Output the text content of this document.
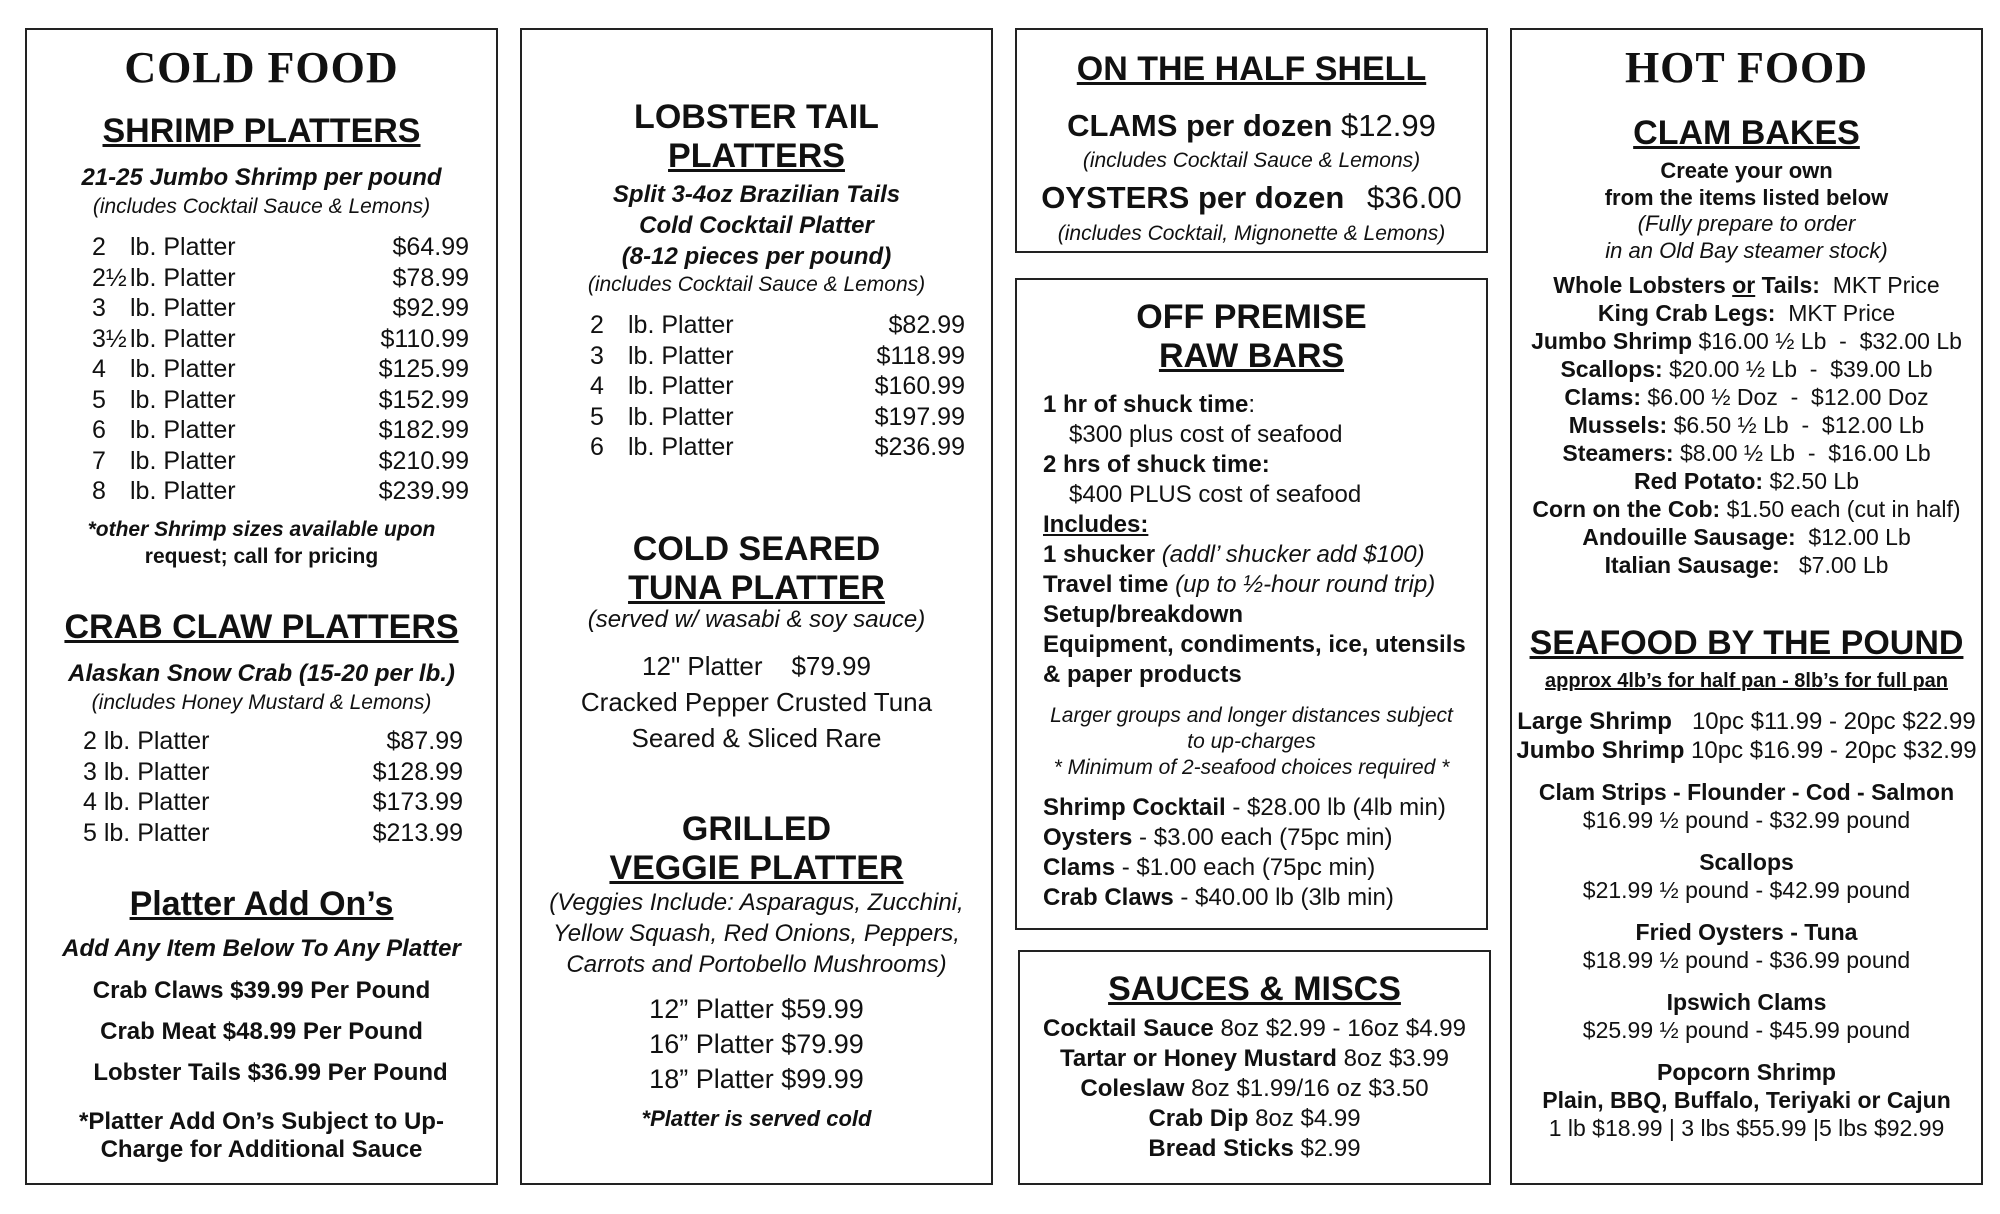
COLD FOOD
SHRIMP PLATTERS
21-25 Jumbo Shrimp per pound
(includes Cocktail Sauce & Lemons)
2 lb. Platter	$64.99
2½ lb. Platter	$78.99
3 lb. Platter	$92.99
3½ lb. Platter	$110.99
4 lb. Platter	$125.99
5 lb. Platter	$152.99
6 lb. Platter	$182.99
7 lb. Platter	$210.99
8 lb. Platter	$239.99
*other Shrimp sizes available upon
request; call for pricing
CRAB CLAW PLATTERS
Alaskan Snow Crab (15-20 per lb.)
(includes Honey Mustard & Lemons)
2 lb. Platter	$87.99
3 lb. Platter	$128.99
4 lb. Platter	$173.99
5 lb. Platter	$213.99
Platter Add On’s
Add Any Item Below To Any Platter
Crab Claws $39.99 Per Pound
Crab Meat $48.99 Per Pound
Lobster Tails $36.99 Per Pound
*Platter Add On’s Subject to Up-
Charge for Additional Sauce
LOBSTER TAIL
PLATTERS
Split 3-4oz Brazilian Tails
Cold Cocktail Platter
(8-12 pieces per pound)
(includes Cocktail Sauce & Lemons)
2 lb. Platter	$82.99
3 lb. Platter	$118.99
4 lb. Platter	$160.99
5 lb. Platter	$197.99
6 lb. Platter	$236.99
COLD SEARED
TUNA PLATTER
(served w/ wasabi & soy sauce)
12" Platter    $79.99
Cracked Pepper Crusted Tuna
Seared & Sliced Rare
GRILLED
VEGGIE PLATTER
(Veggies Include: Asparagus, Zucchini,
Yellow Squash, Red Onions, Peppers,
Carrots and Portobello Mushrooms)
12” Platter $59.99
16” Platter $79.99
18” Platter $99.99
*Platter is served cold
ON THE HALF SHELL
CLAMS per dozen $12.99
(includes Cocktail Sauce & Lemons)
OYSTERS per dozen $36.00
(includes Cocktail, Mignonette & Lemons)
OFF PREMISE
RAW BARS
1 hr of shuck time:
$300 plus cost of seafood
2 hrs of shuck time:
$400 PLUS cost of seafood
Includes:
1 shucker (addl’ shucker add $100)
Travel time (up to ½-hour round trip)
Setup/breakdown
Equipment, condiments, ice, utensils
& paper products
Larger groups and longer distances subject
to up-charges
* Minimum of 2-seafood choices required *
Shrimp Cocktail - $28.00 lb (4lb min)
Oysters - $3.00 each (75pc min)
Clams - $1.00 each (75pc min)
Crab Claws - $40.00 lb (3lb min)
SAUCES & MISCS
Cocktail Sauce 8oz $2.99 - 16oz $4.99
Tartar or Honey Mustard 8oz $3.99
Coleslaw 8oz $1.99/16 oz $3.50
Crab Dip 8oz $4.99
Bread Sticks $2.99
HOT FOOD
CLAM BAKES
Create your own
from the items listed below
(Fully prepare to order
in an Old Bay steamer stock)
Whole Lobsters or Tails:  MKT Price
King Crab Legs:  MKT Price
Jumbo Shrimp $16.00 ½ Lb  -  $32.00 Lb
Scallops: $20.00 ½ Lb  -  $39.00 Lb
Clams: $6.00 ½ Doz  -  $12.00 Doz
Mussels: $6.50 ½ Lb  -  $12.00 Lb
Steamers: $8.00 ½ Lb  -  $16.00 Lb
Red Potato: $2.50 Lb
Corn on the Cob: $1.50 each (cut in half)
Andouille Sausage:  $12.00 Lb
Italian Sausage:   $7.00 Lb
SEAFOOD BY THE POUND
approx 4lb’s for half pan - 8lb’s for full pan
Large Shrimp   10pc $11.99 - 20pc $22.99
Jumbo Shrimp 10pc $16.99 - 20pc $32.99
Clam Strips - Flounder - Cod - Salmon
$16.99 ½ pound - $32.99 pound
Scallops
$21.99 ½ pound - $42.99 pound
Fried Oysters - Tuna
$18.99 ½ pound - $36.99 pound
Ipswich Clams
$25.99 ½ pound - $45.99 pound
Popcorn Shrimp
Plain, BBQ, Buffalo, Teriyaki or Cajun
1 lb $18.99 | 3 lbs $55.99 |5 lbs $92.99
